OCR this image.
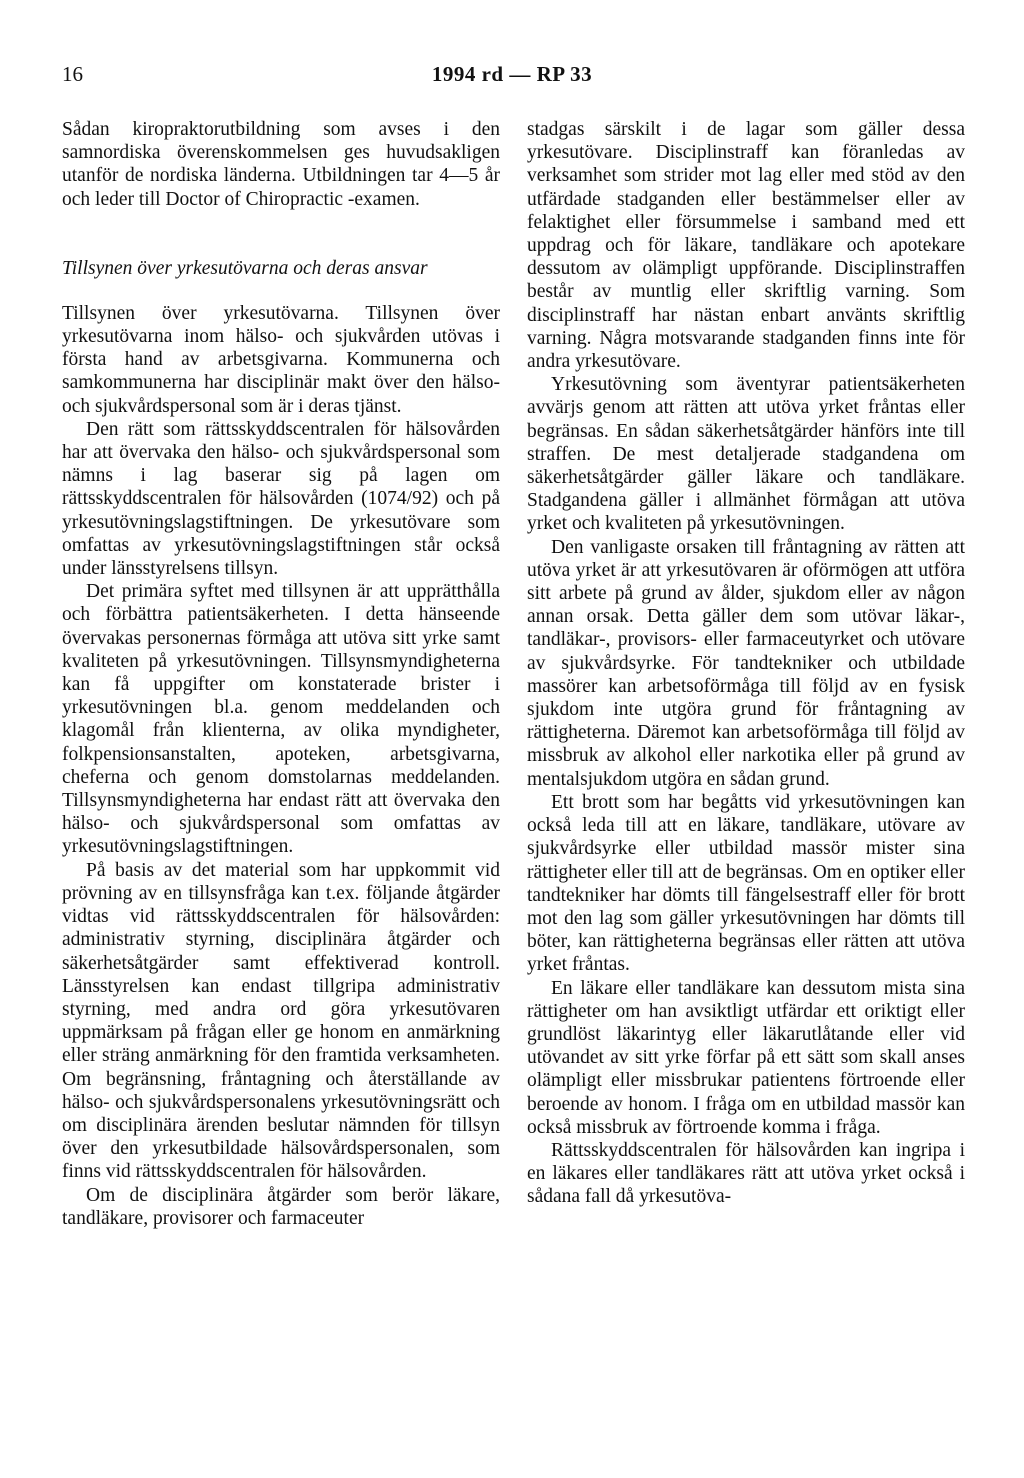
16	1994 rd — RP 33

Sådan kiropraktorutbildning som avses i den samnordiska överenskommelsen ges huvudsakligen utanför de nordiska länderna. Utbildningen tar 4—5 år och leder till Doctor of Chiropractic -examen.

Tillsynen över yrkesutövarna och deras ansvar

Tillsynen över yrkesutövarna. Tillsynen över yrkesutövarna inom hälso- och sjukvården utövas i första hand av arbetsgivarna. Kommunerna och samkommunerna har disciplinär makt över den hälso- och sjukvårdspersonal som är i deras tjänst.

Den rätt som rättsskyddscentralen för hälsovården har att övervaka den hälso- och sjukvårdspersonal som nämns i lag baserar sig på lagen om rättsskyddscentralen för hälsovården (1074/92) och på yrkesutövningslagstiftningen. De yrkesutövare som omfattas av yrkesutövningslagstiftningen står också under länsstyrelsens tillsyn.

Det primära syftet med tillsynen är att upprätthålla och förbättra patientsäkerheten. I detta hänseende övervakas personernas förmåga att utöva sitt yrke samt kvaliteten på yrkesutövningen. Tillsynsmyndigheterna kan få uppgifter om konstaterade brister i yrkesutövningen bl.a. genom meddelanden och klagomål från klienterna, av olika myndigheter, folkpensionsanstalten, apoteken, arbetsgivarna, cheferna och genom domstolarnas meddelanden. Tillsynsmyndigheterna har endast rätt att övervaka den hälso- och sjukvårdspersonal som omfattas av yrkesutövningslagstiftningen.

På basis av det material som har uppkommit vid prövning av en tillsynsfråga kan t.ex. följande åtgärder vidtas vid rättsskyddscentralen för hälsovården: administrativ styrning, disciplinära åtgärder och säkerhetsåtgärder samt effektiverad kontroll. Länsstyrelsen kan endast tillgripa administrativ styrning, med andra ord göra yrkesutövaren uppmärksam på frågan eller ge honom en anmärkning eller sträng anmärkning för den framtida verksamheten. Om begränsning, fråntagning och återställande av hälso- och sjukvårdspersonalens yrkesutövningsrätt och om disciplinära ärenden beslutar nämnden för tillsyn över den yrkesutbildade hälsovårdspersonalen, som finns vid rättsskyddscentralen för hälsovården.

Om de disciplinära åtgärder som berör läkare, tandläkare, provisorer och farmaceuter

stadgas särskilt i de lagar som gäller dessa yrkesutövare. Disciplinstraff kan föranledas av verksamhet som strider mot lag eller med stöd av den utfärdade stadganden eller bestämmelser eller av felaktighet eller försummelse i samband med ett uppdrag och för läkare, tandläkare och apotekare dessutom av olämpligt uppförande. Disciplinstraffen består av muntlig eller skriftlig varning. Som disciplinstraff har nästan enbart använts skriftlig varning. Några motsvarande stadganden finns inte för andra yrkesutövare.

Yrkesutövning som äventyrar patientsäkerheten avvärjs genom att rätten att utöva yrket fråntas eller begränsas. En sådan säkerhetsåtgärder hänförs inte till straffen. De mest detaljerade stadgandena om säkerhetsåtgärder gäller läkare och tandläkare. Stadgandena gäller i allmänhet förmågan att utöva yrket och kvaliteten på yrkesutövningen.

Den vanligaste orsaken till fråntagning av rätten att utöva yrket är att yrkesutövaren är oförmögen att utföra sitt arbete på grund av ålder, sjukdom eller av någon annan orsak. Detta gäller dem som utövar läkar-, tandläkar-, provisors- eller farmaceutyrket och utövare av sjukvårdsyrke. För tandtekniker och utbildade massörer kan arbetsoförmåga till följd av en fysisk sjukdom inte utgöra grund för fråntagning av rättigheterna. Däremot kan arbetsoförmåga till följd av missbruk av alkohol eller narkotika eller på grund av mentalsjukdom utgöra en sådan grund.

Ett brott som har begåtts vid yrkesutövningen kan också leda till att en läkare, tandläkare, utövare av sjukvårdsyrke eller utbildad massör mister sina rättigheter eller till att de begränsas. Om en optiker eller tandtekniker har dömts till fängelsestraff eller för brott mot den lag som gäller yrkesutövningen har dömts till böter, kan rättigheterna begränsas eller rätten att utöva yrket fråntas.

En läkare eller tandläkare kan dessutom mista sina rättigheter om han avsiktligt utfärdar ett oriktigt eller grundlöst läkarintyg eller läkarutlåtande eller vid utövandet av sitt yrke förfar på ett sätt som skall anses olämpligt eller missbrukar patientens förtroende eller beroende av honom. I fråga om en utbildad massör kan också missbruk av förtroende komma i fråga.

Rättsskyddscentralen för hälsovården kan ingripa i en läkares eller tandläkares rätt att utöva yrket också i sådana fall då yrkesutöva-
